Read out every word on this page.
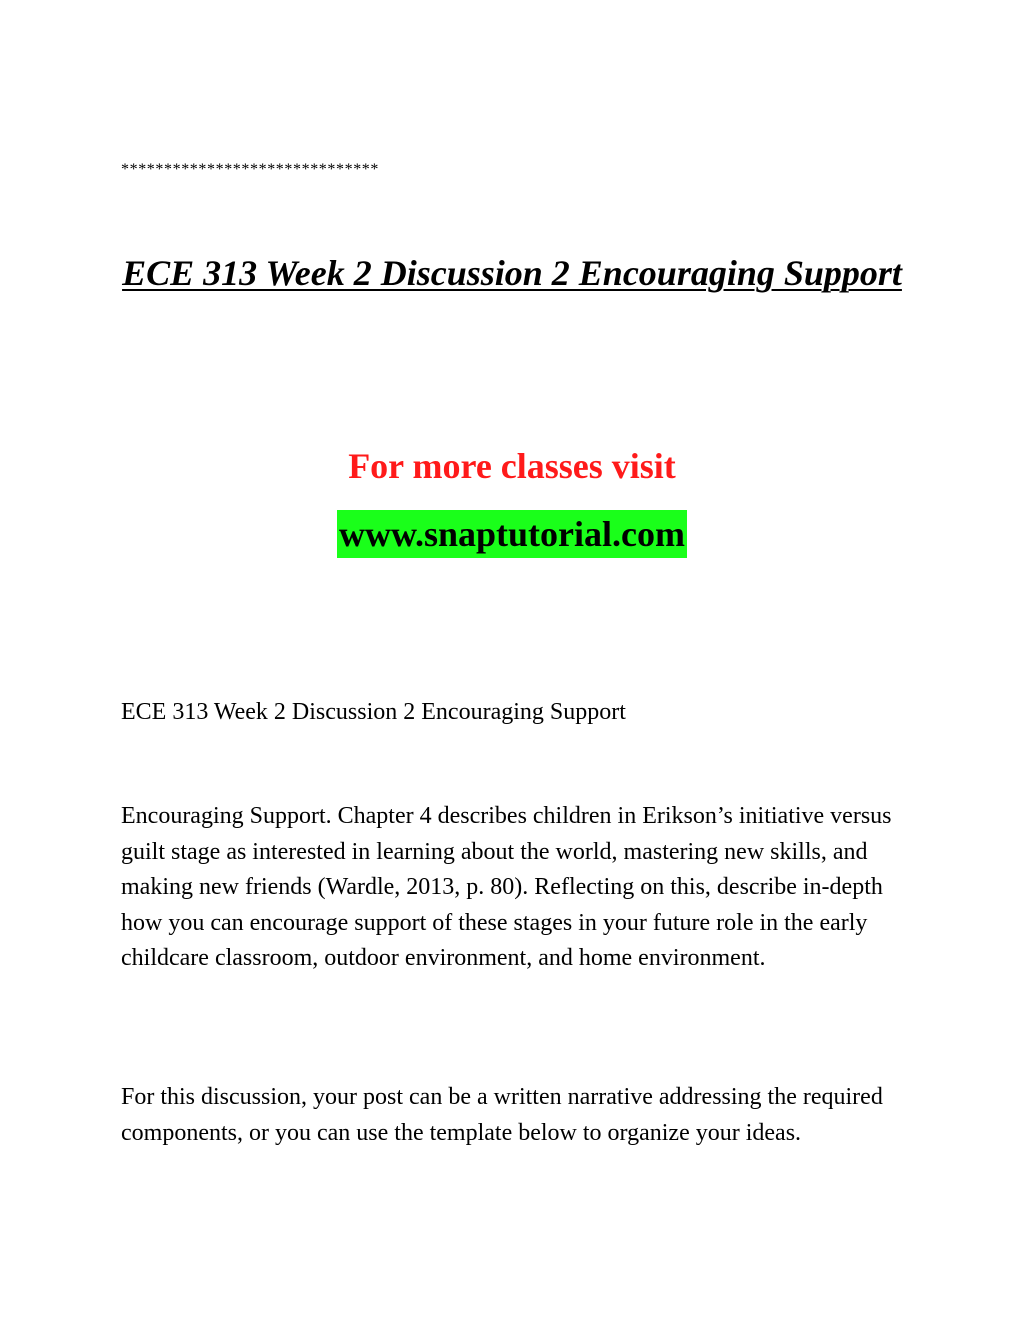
******************************
ECE 313 Week 2 Discussion 2 Encouraging Support
For more classes visit
www.snaptutorial.com
ECE 313 Week 2 Discussion 2 Encouraging Support

Encouraging Support. Chapter 4 describes children in Erikson’s initiative versus guilt stage as interested in learning about the world, mastering new skills, and making new friends (Wardle, 2013, p. 80). Reflecting on this, describe in-depth how you can encourage support of these stages in your future role in the early childcare classroom, outdoor environment, and home environment.

For this discussion, your post can be a written narrative addressing the required components, or you can use the template below to organize your ideas.
